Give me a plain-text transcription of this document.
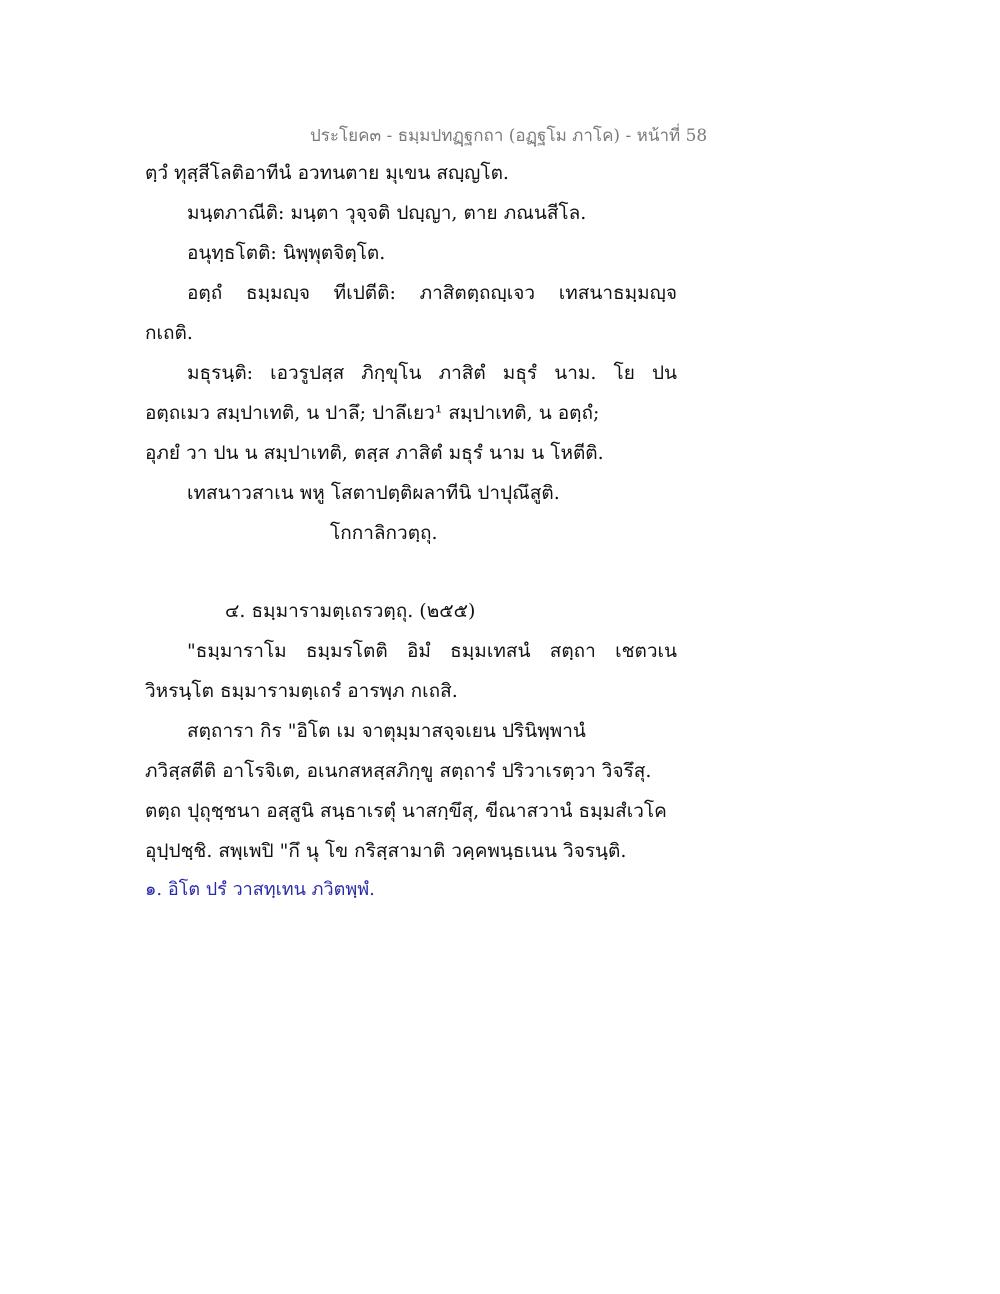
ประโยค๓ - ธมฺมปทฏฺฐกถา (อฏฺฐโม ภาโค) - หน้าที่ 58
ตฺวํ ทุสฺสีโลติอาทีนํ อวทนตาย มุเขน สญฺญโต.
มนฺตภาณีติ: มนฺตา วุจฺจติ ปญฺญา, ตาย ภณนสีโล.
อนุทฺธโตติ: นิพฺพุตจิตฺโต.
อตฺถํ ธมฺมญฺจ ทีเปตีติ: ภาสิตตฺถญฺเจว เทสนาธมฺมญฺจ
กเถติ.
มธุรนฺติ: เอวรูปสฺส ภิกฺขุโน ภาสิตํ มธุรํ นาม. โย ปน
อตฺถเมว สมฺปาเทติ, น ปาลึ; ปาลึเยว¹ สมฺปาเทติ, น อตฺถํ;
อุภยํ วา ปน น สมฺปาเทติ, ตสฺส ภาสิตํ มธุรํ นาม น โหตีติ.
เทสนาวสาเน พหู โสตาปตฺติผลาทีนิ ปาปุณึสูติ.
โกกาลิกวตฺถุ.
๔. ธมฺมารามตฺเถรวตฺถุ. (๒๕๕)
"ธมฺมาราโม ธมฺมรโตติ อิมํ ธมฺมเทสนํ สตฺถา เชตวเน
วิหรนฺโต ธมฺมารามตฺเถรํ อารพฺภ กเถสิ.
สตฺถารา กิร "อิโต เม จาตุมฺมาสจฺจเยน ปรินิพฺพานํ
ภวิสฺสตีติ อาโรจิเต, อเนกสหสฺสภิกฺขู สตฺถารํ ปริวาเรตฺวา วิจรึสุ.
ตตฺถ ปุถุชฺชนา อสฺสูนิ สนฺธาเรตุํ นาสกฺขึสุ, ขีณาสวานํ ธมฺมสํเวโค
อุปฺปชฺชิ. สพฺเพปิ "กึ นุ โข กริสฺสามาติ วคฺคพนฺธเนน วิจรนฺติ.
๑. อิโต ปรํ วาสทฺเทน ภวิตพฺพํ.
